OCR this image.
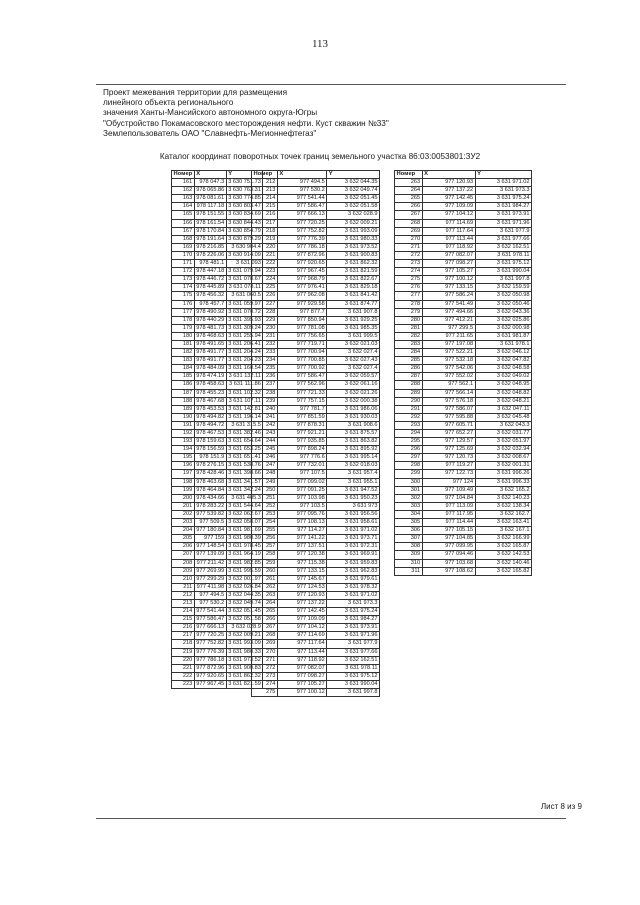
113
Проект межевания территории для размещения
линейного объекта регионального
значения Ханты-Мансийского автономного округа-Югры
"Обустройство Покамасовского месторождения нефти. Куст скважин №33"
Землепользователь ОАО "Славнефть-Мегионнефтегаз"
Каталог координат поворотных точек границ земельного участка 86:03:0053801:ЗУ2
Номер	X	Y
161	978 047.3	3 630 751.73
162	978 065.86	3 630 763.31
163	978 081.61	3 630 774.85
164	978 117.18	3 630 803.47
165	978 151.55	3 630 834.69
166	978 161.54	3 630 844.43
167	978 170.84	3 630 854.79
168	978 191.64	3 630 879.29
169	978 216.85	3 630 904.4
170	978 226.06	3 630 914.09
171	978 481.1	3 631 093
172	978 447.18	3 631 079.94
173	978 446.72	3 631 078.67
174	978 445.89	3 631 078.11
175	978 456.32	3 631 060.5
176	978 457.7	3 631 059.97
177	978 490.92	3 631 070.72
178	978 440.29	3 631 395.93
179	978 481.73	3 631 309.24
180	978 468.63	3 631 255.94
181	978 491.65	3 631 206.41
182	978 491.77	3 631 204.24
183	978 491.77	3 631 204.23
184	978 484.09	3 631 160.54
185	978 474.19	3 631 132.11
186	978 458.63	3 631 111.86
187	978 455.23	3 631 102.32
188	978 467.68	3 631 107.11
189	978 453.53	3 631 142.81
190	978 494.82	3 631 196.14
191	978 494.72	3 631 315.5
192	978 467.53	3 631 382.46
193	978 159.63	3 631 654.64
194	978 156.59	3 631 653.25
195	978 151.9	3 631 651.41
196	978 276.15	3 631 538.76
197	978 428.46	3 631 398.66
198	978 463.68	3 631 341.57
199	978 464.84	3 631 342.24
200	978 434.66	3 631 405.3
201	978 283.22	3 631 544.64
202	977 539.82	3 632 062.67
203	977 509.5	3 632 058.07
204	977 180.84	3 631 981.69
205	977 159	3 631 980.39
206	977 148.54	3 631 978.45
207	977 139.09	3 631 964.19
208	977 211.42	3 631 982.85
209	977 269.99	3 631 995.59
210	977 299.29	3 632 001.97
211	977 411.98	3 632 026.84
212	977 494.5	3 632 044.35
213	977 530.2	3 632 049.74
214	977 541.44	3 632 051.45
215	977 586.47	3 632 051.58
216	977 666.13	3 632 028.9
217	977 720.25	3 632 009.21
218	977 752.82	3 631 993.09
219	977 776.39	3 631 980.33
220	977 786.18	3 631 973.52
221	977 872.96	3 631 900.83
222	977 920.65	3 631 862.32
223	977 967.45	3 631 821.59
Номер	X	Y
212	977 494.5	3 632 044.35
213	977 530.2	3 632 049.74
214	977 541.44	3 632 051.45
215	977 586.47	3 632 051.58
216	977 666.13	3 632 028.9
217	977 720.25	3 632 009.21
218	977 752.82	3 631 993.09
219	977 776.39	3 631 980.33
220	977 786.18	3 631 973.52
221	977 872.96	3 631 900.83
222	977 920.65	3 631 862.32
223	977 967.45	3 631 821.59
224	977 968.79	3 631 822.67
225	977 976.41	3 631 829.18
226	977 962.08	3 631 841.42
227	977 929.58	3 631 874.77
228	977 877.7	3 631 907.8
229	977 850.94	3 631 929.25
230	977 781.08	3 631 985.35
231	977 756.65	3 631 999.5
232	977 719.71	3 632 021.03
233	977 700.94	3 632 027.4
234	977 700.85	3 632 027.43
235	977 700.92	3 632 027.4
236	977 586.47	3 632 059.57
237	977 562.96	3 632 061.16
238	977 721.33	3 632 021.26
239	977 757.15	3 632 000.38
240	977 781.7	3 631 986.06
241	977 851.59	3 631 930.03
242	977 878.31	3 631 908.6
243	977 921.21	3 631 875.57
244	977 935.85	3 631 863.82
245	977 898.24	3 631 895.92
246	977 776.6	3 631 995.14
247	977 732.01	3 632 018.03
248	977 107.5	3 631 957.4
249	977 099.02	3 631 955.1
250	977 091.25	3 631 947.52
251	977 103.98	3 631 950.23
252	977 103.5	3 631 973
253	977 095.76	3 631 956.56
254	977 108.13	3 631 958.61
255	977 114.27	3 631 971.02
256	977 141.22	3 631 973.71
257	977 137.51	3 631 972.31
258	977 120.38	3 631 969.91
259	977 115.38	3 631 959.83
260	977 133.15	3 631 962.83
261	977 145.67	3 631 979.61
262	977 124.53	3 631 978.32
263	977 120.93	3 631 971.02
264	977 137.22	3 631 973.3
265	977 142.45	3 631 975.24
266	977 109.09	3 631 984.27
267	977 104.12	3 631 973.91
268	977 114.69	3 631 971.96
269	977 117.64	3 631 977.9
270	977 113.44	3 631 977.66
271	977 118.92	3 632 162.51
272	977 082.07	3 631 978.11
273	977 098.27	3 631 975.12
274	977 105.27	3 631 990.04
275	977 100.12	3 631 997.8
Номер	X	Y
263	977 120.93	3 631 971.02
264	977 137.22	3 631 973.3
265	977 142.45	3 631 975.24
266	977 109.09	3 631 984.27
267	977 104.12	3 631 973.91
268	977 114.69	3 631 971.96
269	977 117.64	3 631 977.9
270	977 113.44	3 631 977.66
271	977 118.92	3 632 162.51
272	977 082.07	3 631 978.11
273	977 098.27	3 631 975.12
274	977 105.27	3 631 990.04
275	977 100.12	3 631 997.8
276	977 133.15	3 632 159.59
277	977 586.24	3 632 050.98
278	977 541.49	3 632 050.46
279	977 494.66	3 632 043.36
280	977 412.21	3 632 025.86
281	977 299.5	3 632 000.98
282	977 211.65	3 631 981.87
283	977 197.08	3 631 978.1
284	977 522.21	3 632 046.12
285	977 532.18	3 632 047.82
286	977 542.06	3 632 048.58
287	977 552.02	3 632 049.02
288	977 562.1	3 632 048.95
289	977 566.14	3 632 048.82
290	977 576.18	3 632 048.21
291	977 586.07	3 632 047.11
292	977 595.88	3 632 045.48
293	977 605.71	3 632 043.3
294	977 652.27	3 632 031.77
295	977 129.57	3 632 051.97
296	977 125.69	3 632 032.94
297	977 120.73	3 632 008.67
298	977 119.27	3 632 001.31
299	977 122.73	3 631 996.26
300	977 124	3 631 996.33
301	977 109.49	3 632 165.2
302	977 104.84	3 632 140.23
303	977 113.09	3 632 138.34
304	977 117.95	3 632 162.7
305	977 114.44	3 632 163.41
306	977 105.15	3 632 167.1
307	977 104.85	3 632 166.99
308	977 099.95	3 632 165.87
309	977 094.46	3 632 142.53
310	977 103.68	3 632 140.46
311	977 108.62	3 632 165.82
Лист 8 из 9
